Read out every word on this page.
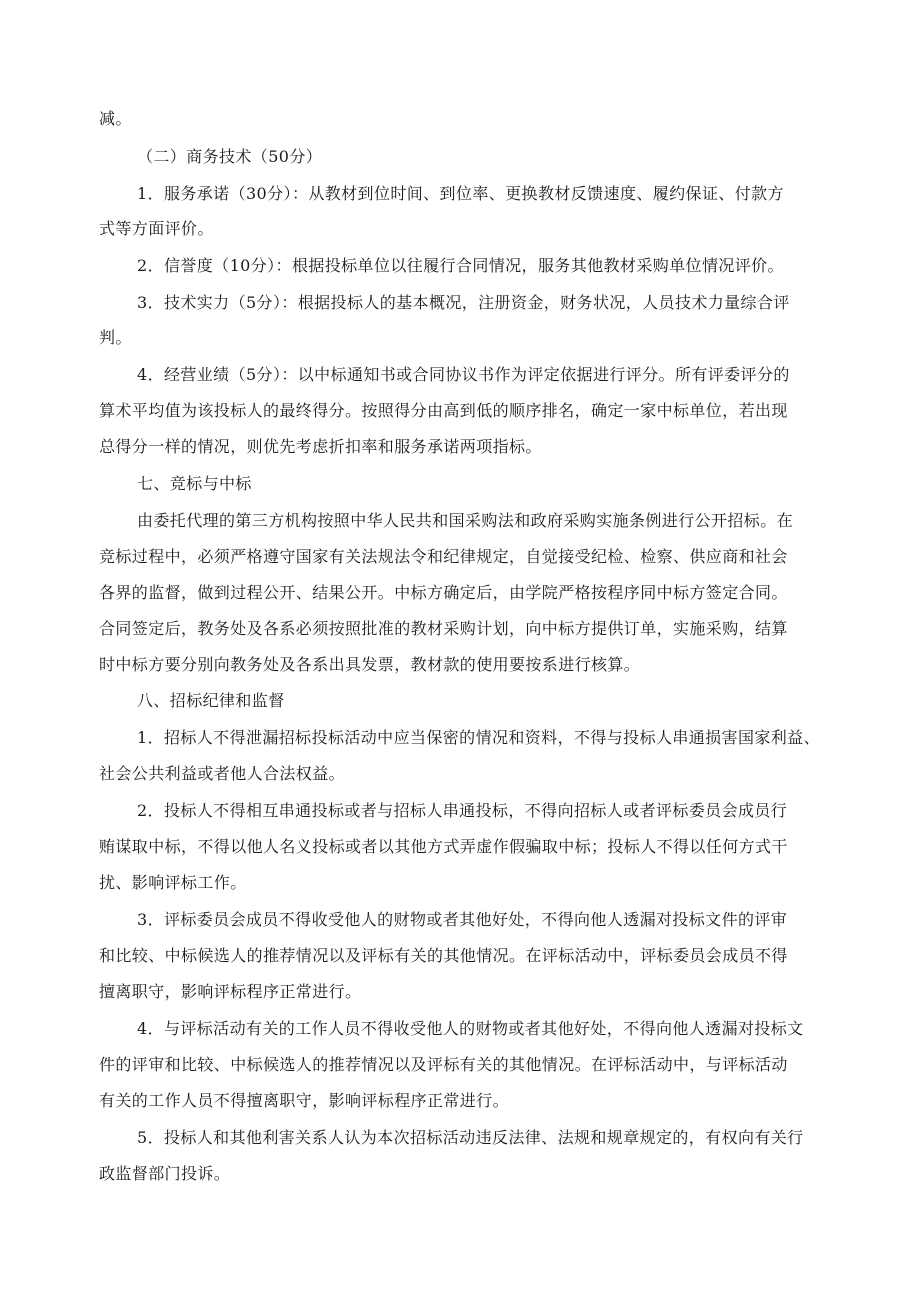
减。
（二）商务技术（50分）
1．服务承诺（30分）：从教材到位时间、到位率、更换教材反馈速度、履约保证、付款方
式等方面评价。
2．信誉度（10分）：根据投标单位以往履行合同情况，服务其他教材采购单位情况评价。
3．技术实力（5分）：根据投标人的基本概况，注册资金，财务状况，人员技术力量综合评
判。
4．经营业绩（5分）：以中标通知书或合同协议书作为评定依据进行评分。所有评委评分的
算术平均值为该投标人的最终得分。按照得分由高到低的顺序排名，确定一家中标单位，若出现
总得分一样的情况，则优先考虑折扣率和服务承诺两项指标。
七、竞标与中标
由委托代理的第三方机构按照中华人民共和国采购法和政府采购实施条例进行公开招标。在
竞标过程中，必须严格遵守国家有关法规法令和纪律规定，自觉接受纪检、检察、供应商和社会
各界的监督，做到过程公开、结果公开。中标方确定后，由学院严格按程序同中标方签定合同。
合同签定后，教务处及各系必须按照批准的教材采购计划，向中标方提供订单，实施采购，结算
时中标方要分别向教务处及各系出具发票，教材款的使用要按系进行核算。
八、招标纪律和监督
1．招标人不得泄漏招标投标活动中应当保密的情况和资料，不得与投标人串通损害国家利益、
社会公共利益或者他人合法权益。
2．投标人不得相互串通投标或者与招标人串通投标，不得向招标人或者评标委员会成员行
贿谋取中标，不得以他人名义投标或者以其他方式弄虚作假骗取中标；投标人不得以任何方式干
扰、影响评标工作。
3．评标委员会成员不得收受他人的财物或者其他好处，不得向他人透漏对投标文件的评审
和比较、中标候选人的推荐情况以及评标有关的其他情况。在评标活动中，评标委员会成员不得
擅离职守，影响评标程序正常进行。
4．与评标活动有关的工作人员不得收受他人的财物或者其他好处，不得向他人透漏对投标文
件的评审和比较、中标候选人的推荐情况以及评标有关的其他情况。在评标活动中，与评标活动
有关的工作人员不得擅离职守，影响评标程序正常进行。
5．投标人和其他利害关系人认为本次招标活动违反法律、法规和规章规定的，有权向有关行
政监督部门投诉。
